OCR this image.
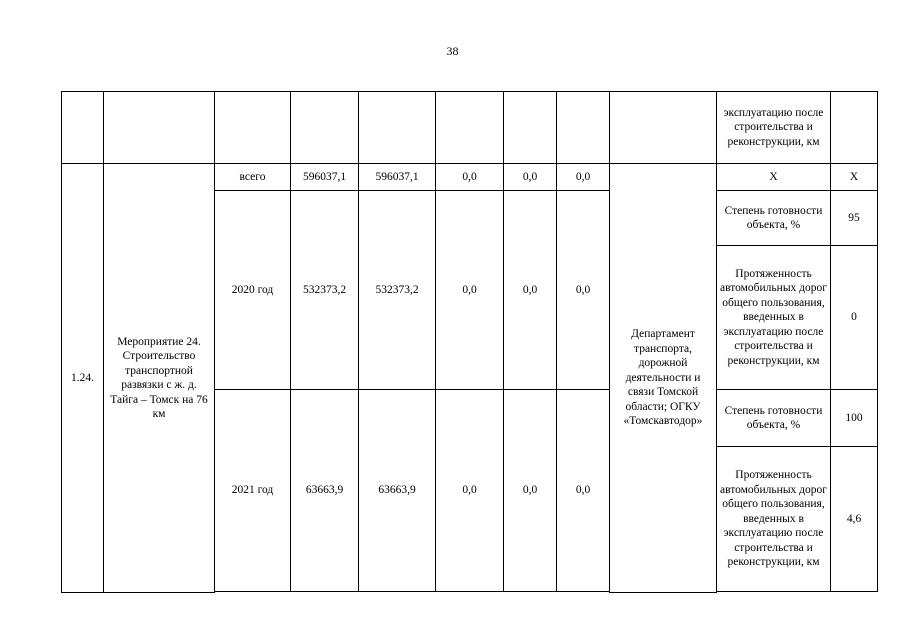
38
									эксплуатацию после строительства и реконструкции, км	
1.24.	Мероприятие 24. Строительство транспортной развязки с ж. д. Тайга – Томск на 76 км	всего	596037,1	596037,1	0,0	0,0	0,0	Департамент транспорта, дорожной деятельности и связи Томской области; ОГКУ «Томскавтодор»	Х	Х
		2020 год	532373,2	532373,2	0,0	0,0	0,0		Степень готовности объекта, %	95
									Протяженность автомобильных дорог общего пользования, введенных в эксплуатацию после строительства и реконструкции, км	0
		2021 год	63663,9	63663,9	0,0	0,0	0,0		Степень готовности объекта, %	100
									Протяженность автомобильных дорог общего пользования, введенных в эксплуатацию после строительства и реконструкции, км	4,6
